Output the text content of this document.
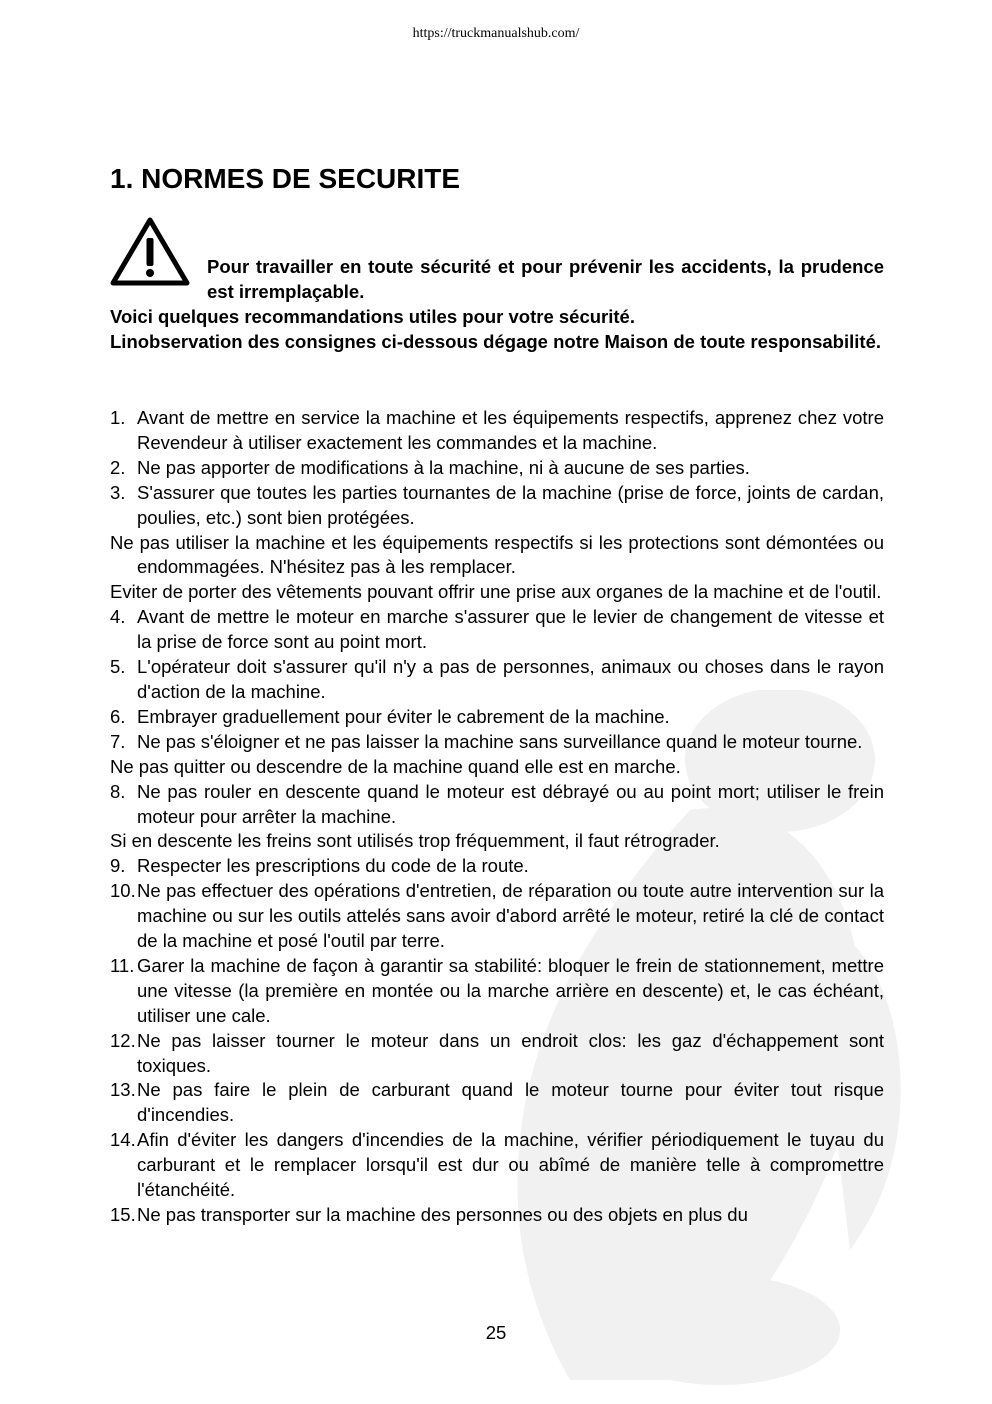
https://truckmanualshub.com/
1. NORMES DE SECURITE

Pour travailler en toute sécurité et pour prévenir les accidents, la prudence est irremplaçable.

Voici quelques recommandations utiles pour votre sécurité.

Linobservation des consignes ci-dessous dégage notre Maison de toute responsabilité.

1. Avant de mettre en service la machine et les équipements respectifs, apprenez chez votre Revendeur à utiliser exactement les commandes et la machine.
2. Ne pas apporter de modifications à la machine, ni à aucune de ses parties.
3. S'assurer que toutes les parties tournantes de la machine (prise de force, joints de cardan, poulies, etc.) sont bien protégées.
Ne pas utiliser la machine et les équipements respectifs si les protections sont démontées ou endommagées. N'hésitez pas à les remplacer.
Eviter de porter des vêtements pouvant offrir une prise aux organes de la machine et de l'outil.
4. Avant de mettre le moteur en marche s'assurer que le levier de changement de vitesse et la prise de force sont au point mort.
5. L'opérateur doit s'assurer qu'il n'y a pas de personnes, animaux ou choses dans le rayon d'action de la machine.
6. Embrayer graduellement pour éviter le cabrement de la machine.
7. Ne pas s'éloigner et ne pas laisser la machine sans surveillance quand le moteur tourne.
Ne pas quitter ou descendre de la machine quand elle est en marche.
8. Ne pas rouler en descente quand le moteur est débrayé ou au point mort; utiliser le frein moteur pour arrêter la machine.
Si en descente les freins sont utilisés trop fréquemment, il faut rétrograder.
9. Respecter les prescriptions du code de la route.
10. Ne pas effectuer des opérations d'entretien, de réparation ou toute autre intervention sur la machine ou sur les outils attelés sans avoir d'abord arrêté le moteur, retiré la clé de contact de la machine et posé l'outil par terre.
11. Garer la machine de façon à garantir sa stabilité: bloquer le frein de stationnement, mettre une vitesse (la première en montée ou la marche arrière en descente) et, le cas échéant, utiliser une cale.
12. Ne pas laisser tourner le moteur dans un endroit clos: les gaz d'échappement sont toxiques.
13. Ne pas faire le plein de carburant quand le moteur tourne pour éviter tout risque d'incendies.
14. Afin d'éviter les dangers d'incendies de la machine, vérifier périodiquement le tuyau du carburant et le remplacer lorsqu'il est dur ou abîmé de manière telle à compromettre l'étanchéité.
15. Ne pas transporter sur la machine des personnes ou des objets en plus du
25
